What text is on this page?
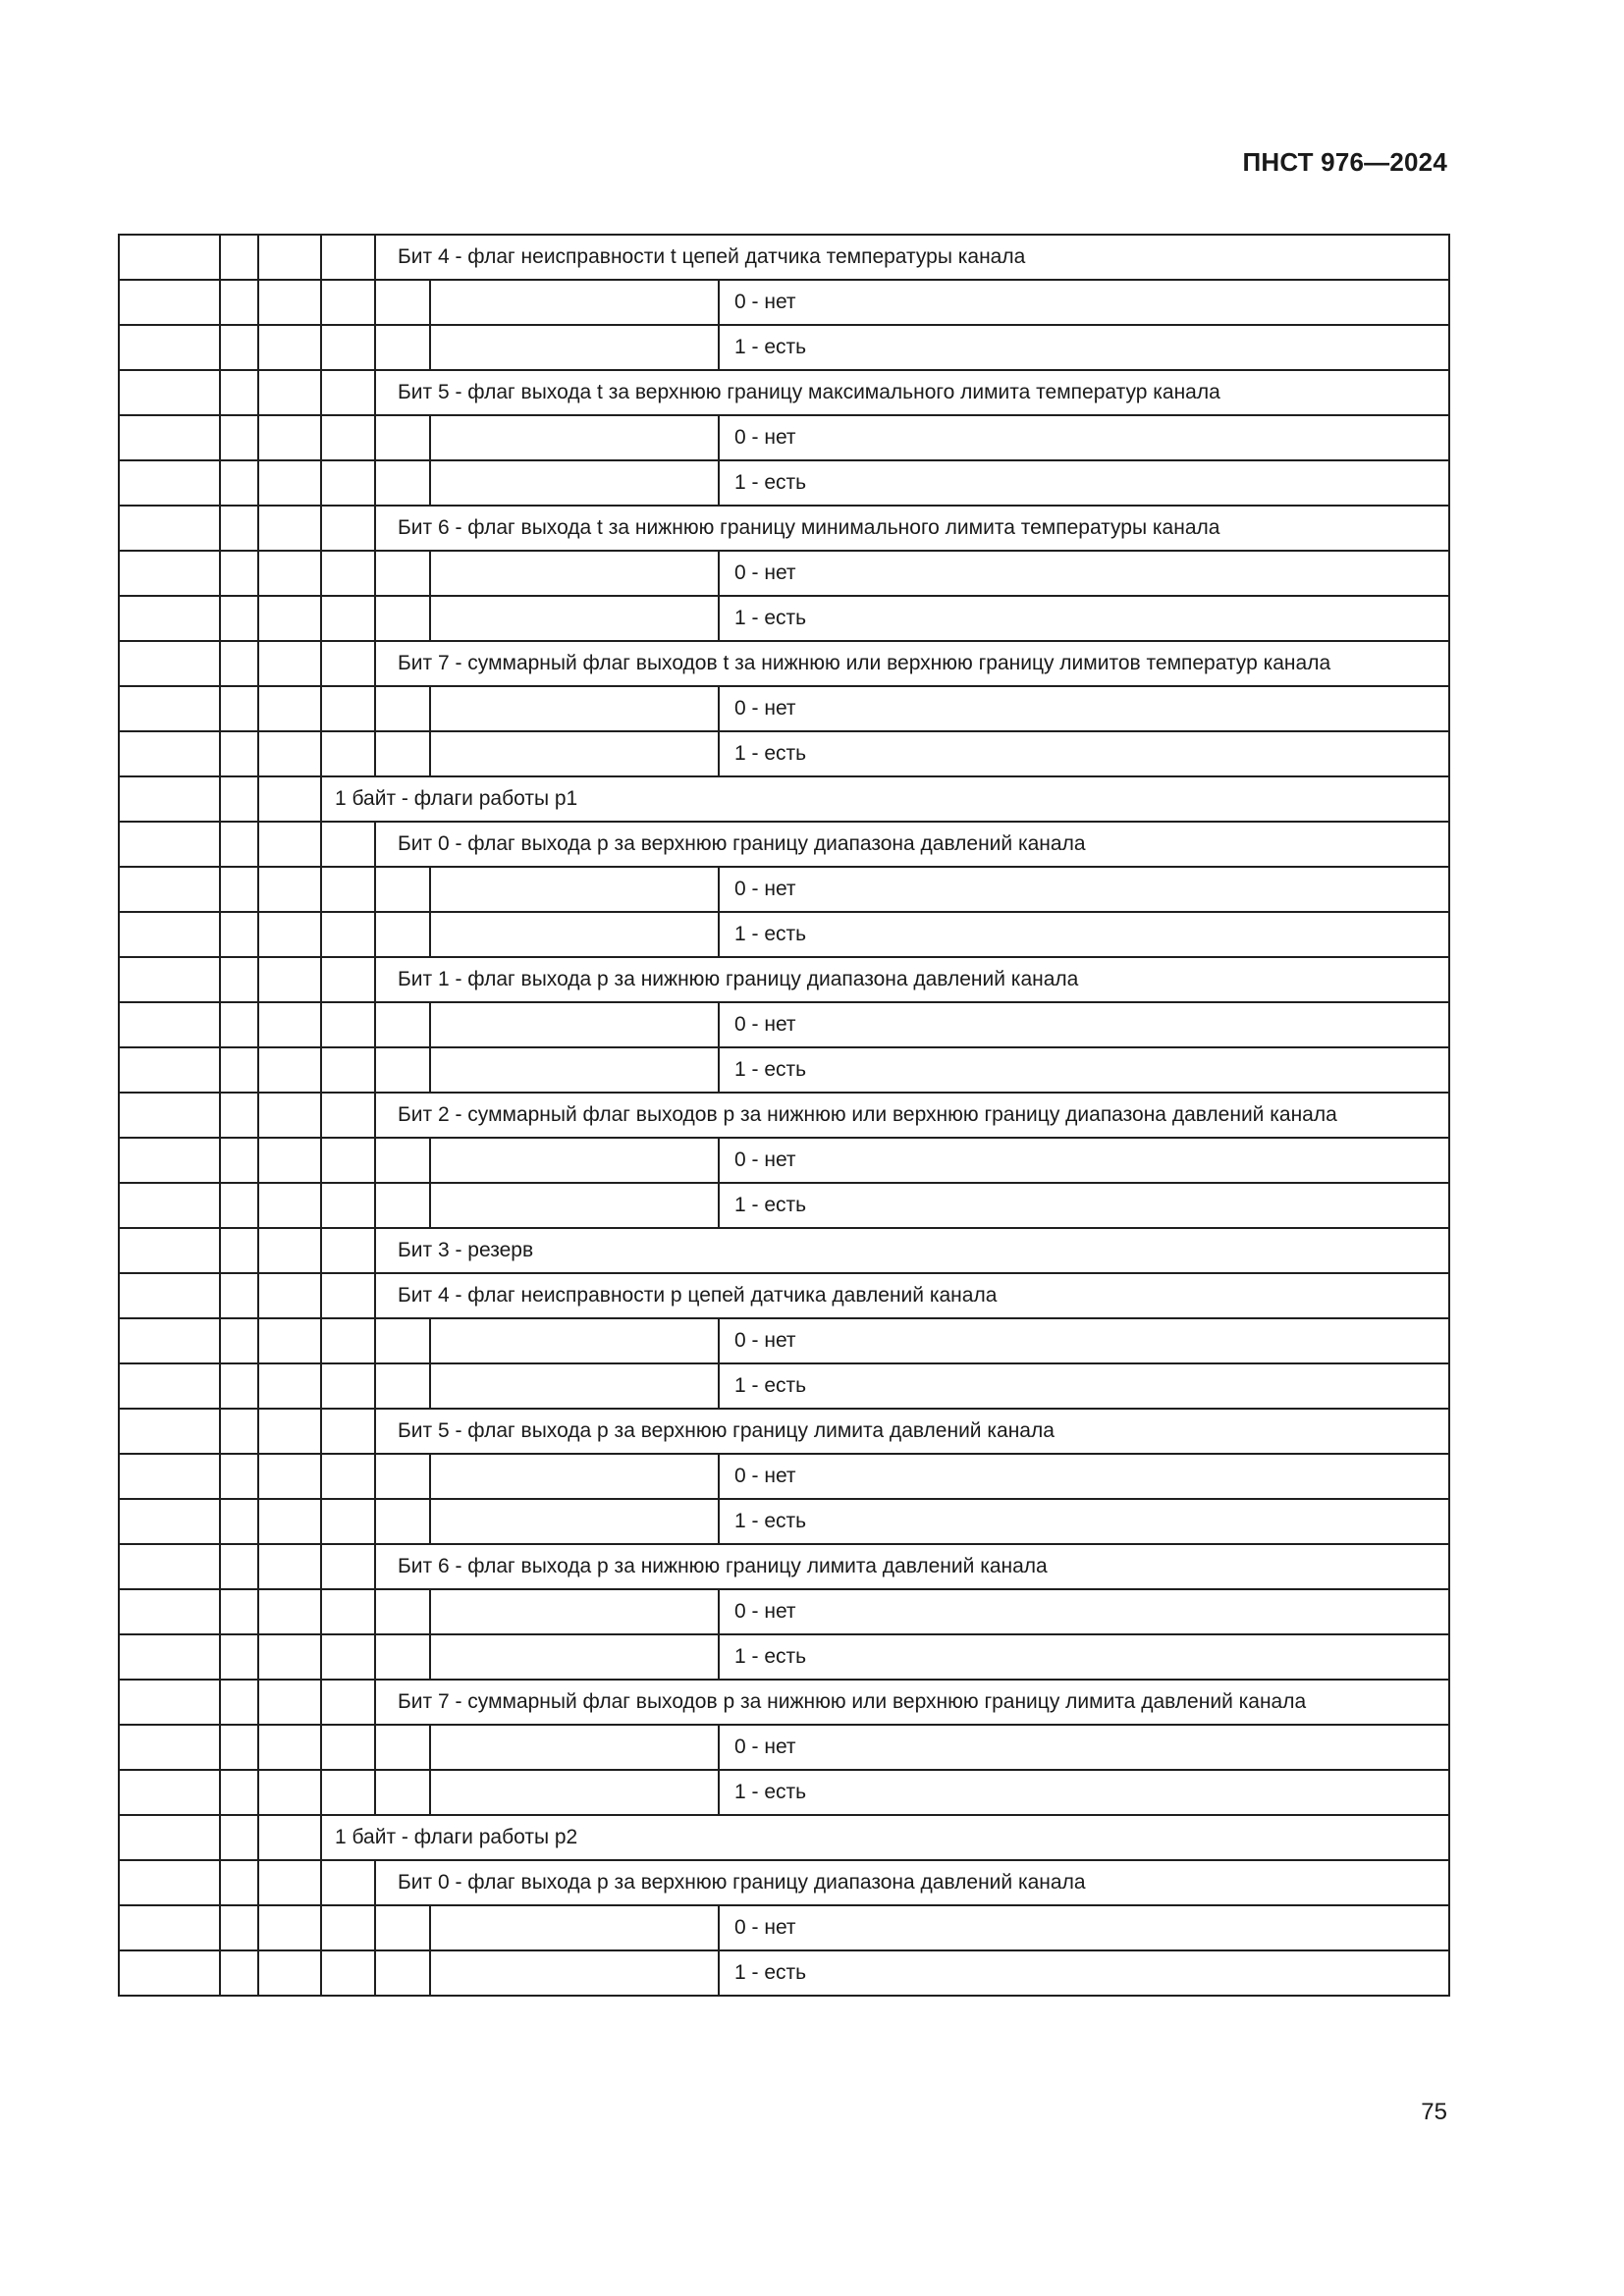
ПНСТ 976—2024
				Бит 4 - флаг неисправности t цепей датчика температуры канала		
						0 - нет
						1 - есть
				Бит 5 - флаг выхода t за верхнюю границу максимального лимита температур канала		
						0 - нет
						1 - есть
				Бит 6 - флаг выхода t за нижнюю границу минимального лимита температуры канала		
						0 - нет
						1 - есть
				Бит 7 - суммарный флаг выходов t за нижнюю или верхнюю границу лимитов температур канала		
						0 - нет
						1 - есть
			1 байт - флаги работы p1			
				Бит 0 - флаг выхода p за верхнюю границу диапазона давлений канала		
						0 - нет
						1 - есть
				Бит 1 - флаг выхода p за нижнюю границу диапазона давлений канала		
						0 - нет
						1 - есть
				Бит 2 - суммарный флаг выходов p за нижнюю или верхнюю границу диапазона давлений канала		
						0 - нет
						1 - есть
				Бит 3 - резерв		
				Бит 4 - флаг неисправности p цепей датчика давлений канала		
						0 - нет
						1 - есть
				Бит 5 - флаг выхода p за верхнюю границу лимита давлений канала		
						0 - нет
						1 - есть
				Бит 6 - флаг выхода p за нижнюю границу лимита давлений канала		
						0 - нет
						1 - есть
				Бит 7 - суммарный флаг выходов p за нижнюю или верхнюю границу лимита давлений канала		
						0 - нет
						1 - есть
			1 байт - флаги работы p2			
				Бит 0 - флаг выхода p за верхнюю границу диапазона давлений канала		
						0 - нет
						1 - есть
75
